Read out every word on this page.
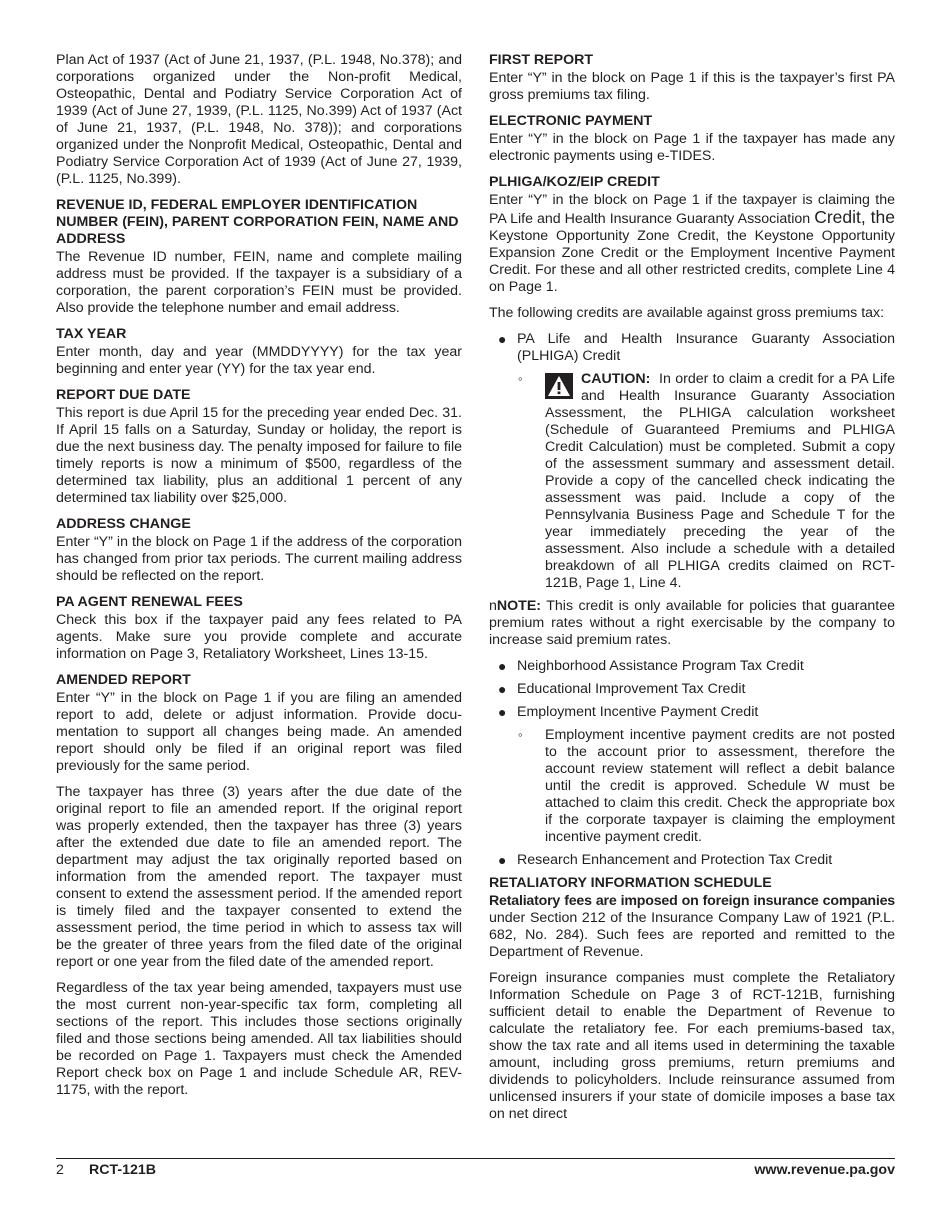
Plan Act of 1937 (Act of June 21, 1937, (P.L. 1948, No.378); and corporations organized under the Non-profit Medical, Osteopathic, Dental and Podiatry Service Corporation Act of 1939 (Act of June 27, 1939, (P.L. 1125, No.399) Act of 1937 (Act of June 21, 1937, (P.L. 1948, No. 378)); and corporations organized under the Nonprofit Medical, Osteopathic, Dental and Podiatry Service Corporation Act of 1939 (Act of June 27, 1939, (P.L. 1125, No.399).

REVENUE ID, FEDERAL EMPLOYER IDENTIFICATION NUMBER (FEIN), PARENT CORPORATION FEIN, NAME AND ADDRESS

The Revenue ID number, FEIN, name and complete mailing address must be provided. If the taxpayer is a subsidiary of a corporation, the parent corporation’s FEIN must be provided. Also provide the telephone number and email address.

TAX YEAR

Enter month, day and year (MMDDYYYY) for the tax year beginning and enter year (YY) for the tax year end.

REPORT DUE DATE

This report is due April 15 for the preceding year ended Dec. 31. If April 15 falls on a Saturday, Sunday or holiday, the report is due the next business day. The penalty imposed for failure to file timely reports is now a minimum of $500, regardless of the determined tax liability, plus an additional 1 percent of any determined tax liability over $25,000.

ADDRESS CHANGE

Enter “Y” in the block on Page 1 if the address of the corporation has changed from prior tax periods. The current mailing address should be reflected on the report.

PA AGENT RENEWAL FEES

Check this box if the taxpayer paid any fees related to PA agents. Make sure you provide complete and accurate information on Page 3, Retaliatory Worksheet, Lines 13-15.

AMENDED REPORT

Enter “Y” in the block on Page 1 if you are filing an amended report to add, delete or adjust information. Provide documentation to support all changes being made. An amended report should only be filed if an original report was filed previously for the same period.

The taxpayer has three (3) years after the due date of the original report to file an amended report. If the original report was properly extended, then the taxpayer has three (3) years after the extended due date to file an amended report. The department may adjust the tax originally reported based on information from the amended report. The taxpayer must consent to extend the assessment period. If the amended report is timely filed and the taxpayer consented to extend the assessment period, the time period in which to assess tax will be the greater of three years from the filed date of the original report or one year from the filed date of the amended report.

Regardless of the tax year being amended, taxpayers must use the most current non-year-specific tax form, completing all sections of the report. This includes those sections originally filed and those sections being amended. All tax liabilities should be recorded on Page 1. Taxpayers must check the Amended Report check box on Page 1 and include Schedule AR, REV-1175, with the report.

FIRST REPORT

Enter “Y” in the block on Page 1 if this is the taxpayer’s first PA gross premiums tax filing.

ELECTRONIC PAYMENT

Enter “Y” in the block on Page 1 if the taxpayer has made any electronic payments using e-TIDES.

PLHIGA/KOZ/EIP CREDIT

Enter “Y” in the block on Page 1 if the taxpayer is claiming the PA Life and Health Insurance Guaranty Association Credit, the Keystone Opportunity Zone Credit, the Keystone Opportunity Expansion Zone Credit or the Employment Incentive Payment Credit. For these and all other restricted credits, complete Line 4 on Page 1.

The following credits are available against gross premiums tax:

● PA Life and Health Insurance Guaranty Association (PLHIGA) Credit
◦	CAUTION: In order to claim a credit for a PA Life and Health Insurance Guaranty Association Assessment, the PLHIGA calculation worksheet (Schedule of Guaranteed Premiums and PLHIGA Credit Calculation) must be completed. Submit a copy of the assessment summary and assessment detail. Provide a copy of the cancelled check indicating the assessment was paid. Include a copy of the Pennsylvania Business Page and Schedule T for the year immediately preceding the year of the assessment. Also include a schedule with a detailed breakdown of all PLHIGA credits claimed on RCT-121B, Page 1, Line 4.

nNOTE: This credit is only available for policies that guarantee premium rates without a right exercisable by the company to increase said premium rates.

● Neighborhood Assistance Program Tax Credit
● Educational Improvement Tax Credit
● Employment Incentive Payment Credit
◦ Employment incentive payment credits are not posted to the account prior to assessment, therefore the account review statement will reflect a debit balance until the credit is approved. Schedule W must be attached to claim this credit. Check the appropriate box if the corporate taxpayer is claiming the employment incentive payment credit.
● Research Enhancement and Protection Tax Credit
RETALIATORY INFORMATION SCHEDULE

Retaliatory fees are imposed on foreign insurance companies under Section 212 of the Insurance Company Law of 1921 (P.L. 682, No. 284). Such fees are reported and remitted to the Department of Revenue.

Foreign insurance companies must complete the Retaliatory Information Schedule on Page 3 of RCT-121B, furnishing sufficient detail to enable the Department of Revenue to calculate the retaliatory fee. For each premiums-based tax, show the tax rate and all items used in determining the taxable amount, including gross premiums, return premiums and dividends to policyholders. Include reinsurance assumed from unlicensed insurers if your state of domicile imposes a base tax on net direct

2 RCT-121B	www.revenue.pa.gov
